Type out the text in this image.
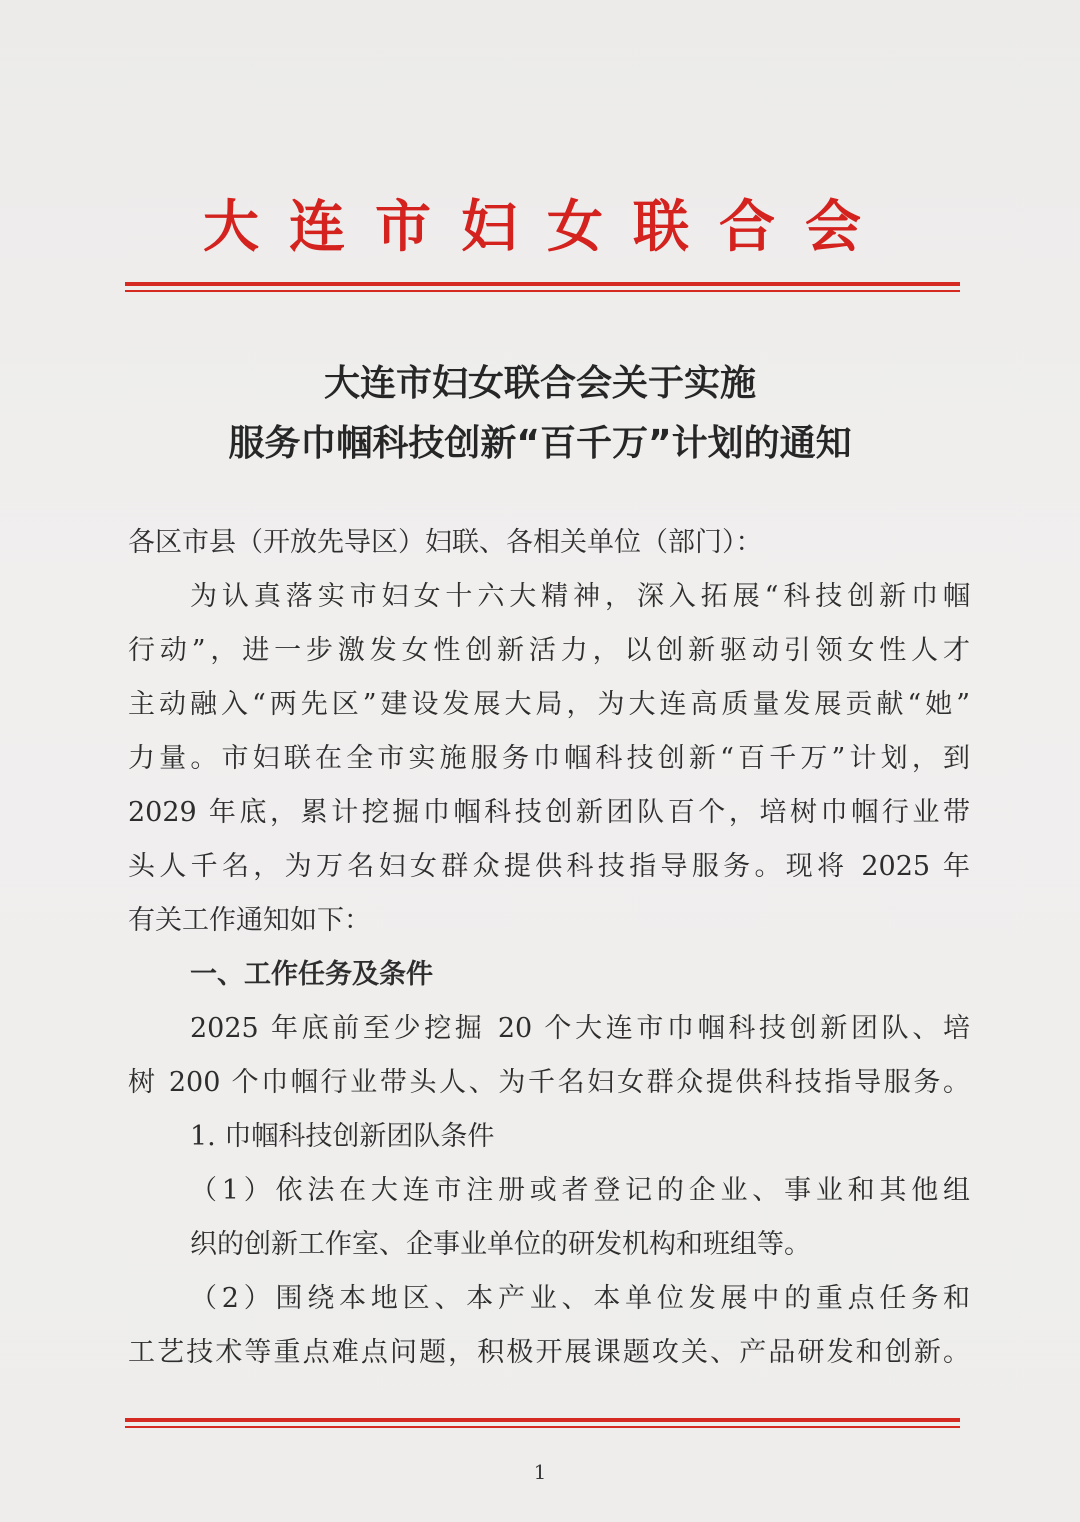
大连市妇女联合会
大连市妇女联合会关于实施
服务巾帼科技创新“百千万”计划的通知
各区市县（开放先导区）妇联、各相关单位（部门）：
为认真落实市妇女十六大精神，深入拓展“科技创新巾帼
行动”，进一步激发女性创新活力，以创新驱动引领女性人才
主动融入“两先区”建设发展大局，为大连高质量发展贡献“她”
力量。市妇联在全市实施服务巾帼科技创新“百千万”计划，到
2029 年底，累计挖掘巾帼科技创新团队百个，培树巾帼行业带
头人千名，为万名妇女群众提供科技指导服务。现将 2025 年
有关工作通知如下：
一、工作任务及条件
2025 年底前至少挖掘 20 个大连市巾帼科技创新团队、培
树 200 个巾帼行业带头人、为千名妇女群众提供科技指导服务。
1. 巾帼科技创新团队条件
（1）依法在大连市注册或者登记的企业、事业和其他组
织的创新工作室、企事业单位的研发机构和班组等。
（2）围绕本地区、本产业、本单位发展中的重点任务和
工艺技术等重点难点问题，积极开展课题攻关、产品研发和创新。
1
